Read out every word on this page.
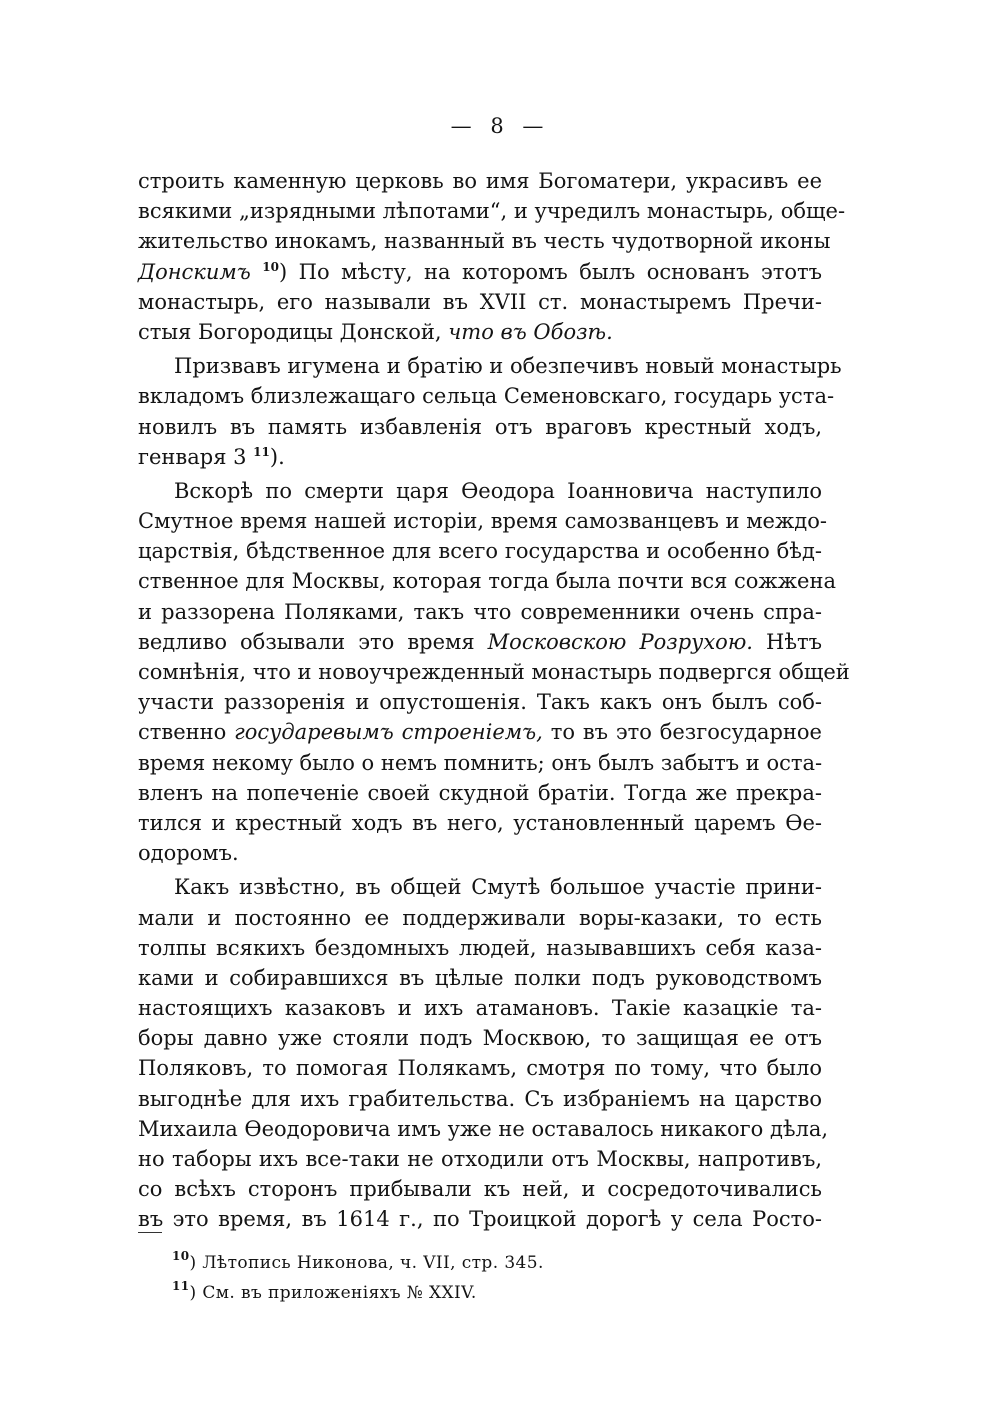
— 8 —
строить каменную церковь во имя Богоматери, украсивъ ее
всякими „изрядными лѣпотами“, и учредилъ монастырь, обще-
жительство инокамъ, названный въ честь чудотворной иконы
Донскимъ $^{10}$) По мѣсту, на которомъ былъ основанъ этотъ
монастырь, его называли въ XVII ст. монастыремъ Пречи-
стыя Богородицы Донской, что въ Обозѣ.
Призвавъ игумена и братію и обезпечивъ новый монастырь
вкладомъ близлежащаго сельца Семеновскаго, государь уста-
новилъ въ память избавленія отъ враговъ крестный ходъ,
генваря 3 $^{11}$).
Вскорѣ по смерти царя Ѳеодора Іоанновича наступило
Смутное время нашей исторіи, время самозванцевъ и междо-
царствія, бѣдственное для всего государства и особенно бѣд-
ственное для Москвы, которая тогда была почти вся сожжена
и раззорена Поляками, такъ что современники очень спра-
ведливо обзывали это время Московскою Розрухою. Нѣтъ
сомнѣнія, что и новоучрежденный монастырь подвергся общей
участи раззоренія и опустошенія. Такъ какъ онъ былъ соб-
ственно государевымъ строеніемъ, то въ это безгосударное
время некому было о немъ помнить; онъ былъ забытъ и оста-
вленъ на попеченіе своей скудной братіи. Тогда же прекра-
тился и крестный ходъ въ него, установленный царемъ Ѳе-
одоромъ.
Какъ извѣстно, въ общей Смутѣ большое участіе прини-
мали и постоянно ее поддерживали воры-казаки, то есть
толпы всякихъ бездомныхъ людей, называвшихъ себя каза-
ками и собиравшихся въ цѣлые полки подъ руководствомъ
настоящихъ казаковъ и ихъ атамановъ. Такіе казацкіе та-
боры давно уже стояли подъ Москвою, то защищая ее отъ
Поляковъ, то помогая Полякамъ, смотря по тому, что было
выгоднѣе для ихъ грабительства. Съ избраніемъ на царство
Михаила Ѳеодоровича имъ уже не оставалось никакого дѣла,
но таборы ихъ все-таки не отходили отъ Москвы, напротивъ,
со всѣхъ сторонъ прибывали къ ней, и сосредоточивались
въ это время, въ 1614 г., по Троицкой дорогѣ у села Росто-
$^{10}$) Лѣтопись Никонова, ч. VII, стр. 345.
$^{11}$) См. въ приложеніяхъ № XXIV.
